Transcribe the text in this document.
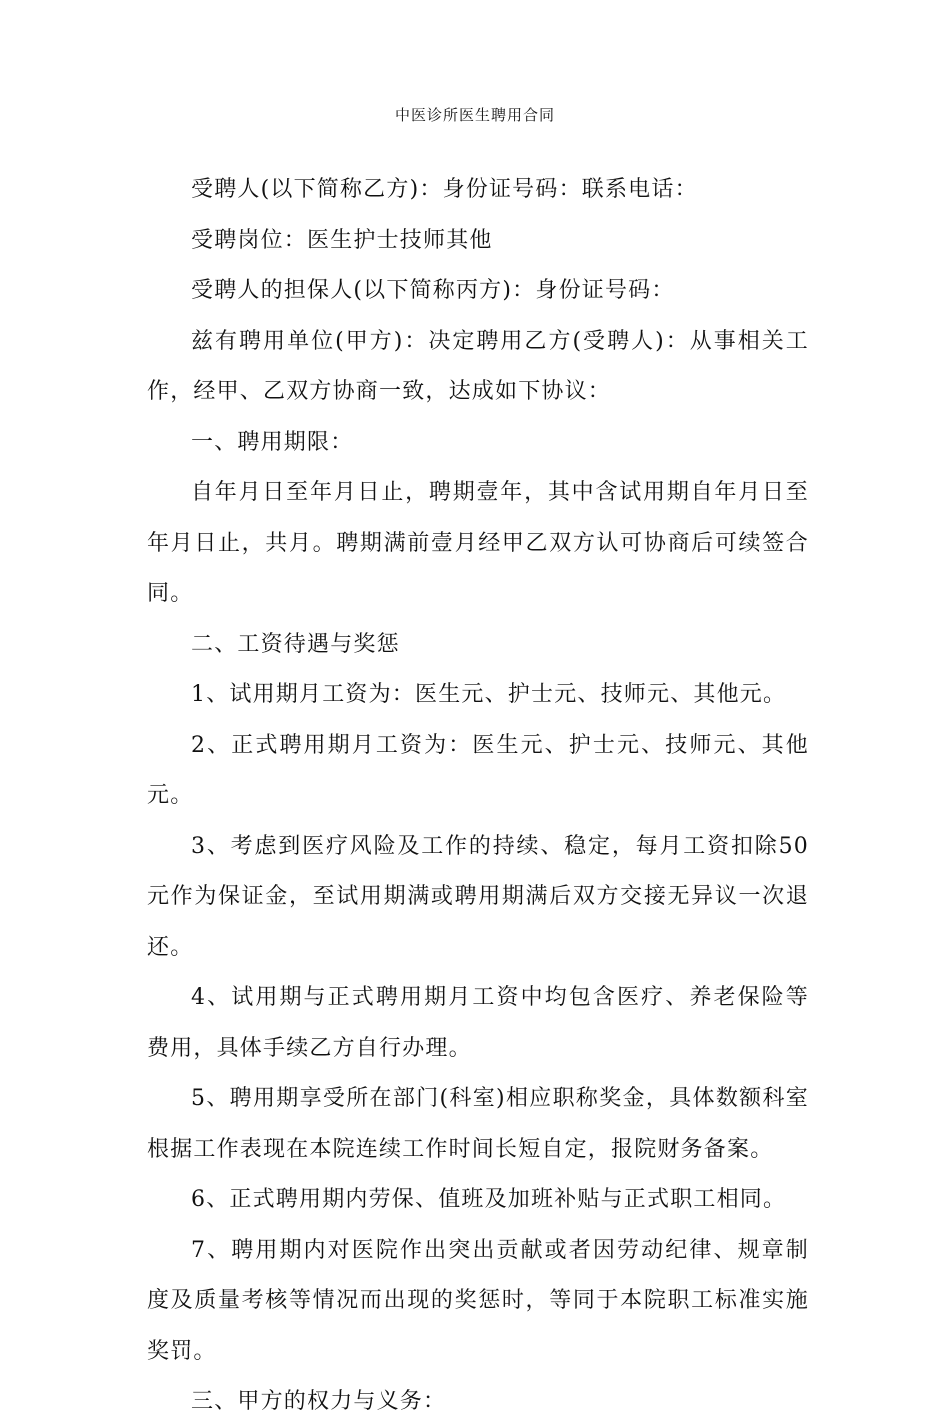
中医诊所医生聘用合同

受聘人(以下简称乙方)：身份证号码：联系电话：

受聘岗位：医生护士技师其他

受聘人的担保人(以下简称丙方)：身份证号码：

兹有聘用单位(甲方)：决定聘用乙方(受聘人)：从事相关工作，经甲、乙双方协商一致，达成如下协议：

一、聘用期限：

自年月日至年月日止，聘期壹年，其中含试用期自年月日至年月日止，共月。聘期满前壹月经甲乙双方认可协商后可续签合同。

二、工资待遇与奖惩

1、试用期月工资为：医生元、护士元、技师元、其他元。

2、正式聘用期月工资为：医生元、护士元、技师元、其他元。

3、考虑到医疗风险及工作的持续、稳定，每月工资扣除50元作为保证金，至试用期满或聘用期满后双方交接无异议一次退还。

4、试用期与正式聘用期月工资中均包含医疗、养老保险等费用，具体手续乙方自行办理。

5、聘用期享受所在部门(科室)相应职称奖金，具体数额科室根据工作表现在本院连续工作时间长短自定，报院财务备案。

6、正式聘用期内劳保、值班及加班补贴与正式职工相同。

7、聘用期内对医院作出突出贡献或者因劳动纪律、规章制度及质量考核等情况而出现的奖惩时，等同于本院职工标准实施奖罚。

三、甲方的权力与义务：
